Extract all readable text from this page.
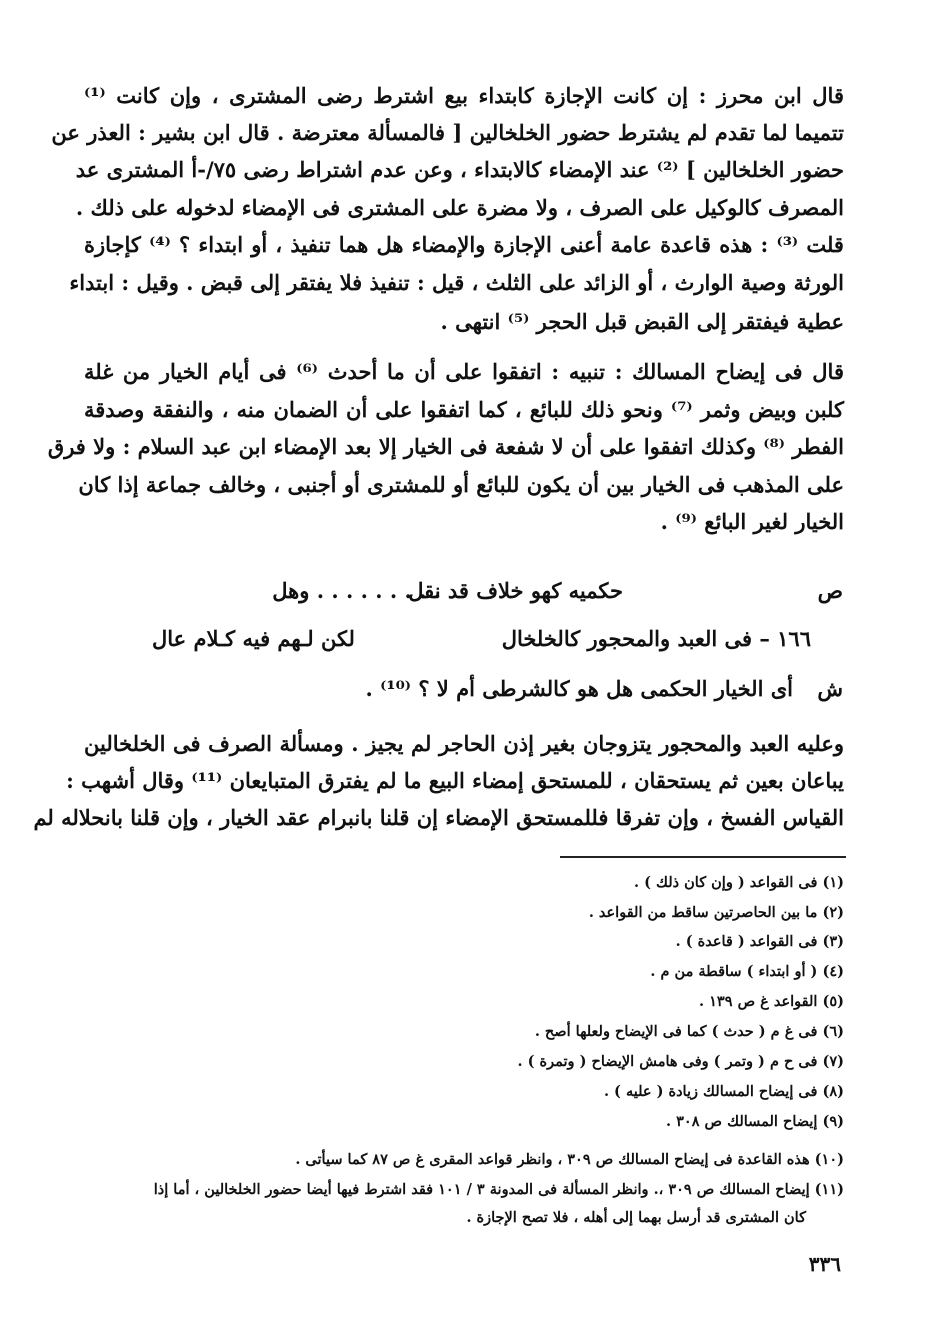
قال ابن محرز : إن كانت الإجازة كابتداء بيع اشترط رضى المشترى ، وإن كانت ⁽¹⁾
تتميما لما تقدم لم يشترط حضور الخلخالين [ فالمسألة معترضة . قال ابن بشير : العذر عن
حضور الخلخالين ] ⁽²⁾ عند الإمضاء كالابتداء ، وعن عدم اشتراط رضى ٧٥/-أ المشترى عد
المصرف كالوكيل على الصرف ، ولا مضرة على المشترى فى الإمضاء لدخوله على ذلك .
قلت ⁽³⁾ : هذه قاعدة عامة أعنى الإجازة والإمضاء هل هما تنفيذ ، أو ابتداء ؟ ⁽⁴⁾ كإجازة
الورثة وصية الوارث ، أو الزائد على الثلث ، قيل : تنفيذ فلا يفتقر إلى قبض . وقيل : ابتداء
عطية فيفتقر إلى القبض قبل الحجر ⁽⁵⁾ انتهى .
قال فى إيضاح المسالك : تنبيه : اتفقوا على أن ما أحدث ⁽⁶⁾ فى أيام الخيار من غلة
كلبن وبيض وثمر ⁽⁷⁾ ونحو ذلك للبائع ، كما اتفقوا على أن الضمان منه ، والنفقة وصدقة
الفطر ⁽⁸⁾ وكذلك اتفقوا على أن لا شفعة فى الخيار إلا بعد الإمضاء ابن عبد السلام : ولا فرق
على المذهب فى الخيار بين أن يكون للبائع أو للمشترى أو أجنبى ، وخالف جماعة إذا كان
الخيار لغير البائع ⁽⁹⁾ .
ص
حكميه كهو خلاف قد نقل
. . . . . . . . . وهل
١٦٦ – فى العبد والمحجور كالخلخال
لكن لـهم فيه كـلام عال
ش
أى الخيار الحكمى هل هو كالشرطى أم لا ؟ ⁽¹⁰⁾ .
وعليه العبد والمحجور يتزوجان بغير إذن الحاجر لم يجيز . ومسألة الصرف فى الخلخالين
يباعان بعين ثم يستحقان ، للمستحق إمضاء البيع ما لم يفترق المتبايعان ⁽¹¹⁾ وقال أشهب :
القياس الفسخ ، وإن تفرقا فللمستحق الإمضاء إن قلنا بانبرام عقد الخيار ، وإن قلنا بانحلاله لم
(١) فى القواعد ( وإن كان ذلك ) .
(٢) ما بين الحاصرتين ساقط من القواعد .
(٣) فى القواعد ( قاعدة ) .
(٤) ( أو ابتداء ) ساقطة من م .
(٥) القواعد غ ص ١٣٩ .
(٦) فى غ م ( حدث ) كما فى الإيضاح ولعلها أصح .
(٧) فى ح م ( وتمر ) وفى هامش الإيضاح ( وتمرة ) .
(٨) فى إيضاح المسالك زيادة ( عليه ) .
(٩) إيضاح المسالك ص ٣٠٨ .
(١٠) هذه القاعدة فى إيضاح المسالك ص ٣٠٩ ، وانظر قواعد المقرى غ ص ٨٧ كما سيأتى .
(١١) إيضاح المسالك ص ٣٠٩ ،. وانظر المسألة فى المدونة ٣ / ١٠١ فقد اشترط فيها أيضا حضور الخلخالين ، أما إذا
كان المشترى قد أرسل بهما إلى أهله ، فلا تصح الإجازة .
٣٣٦
